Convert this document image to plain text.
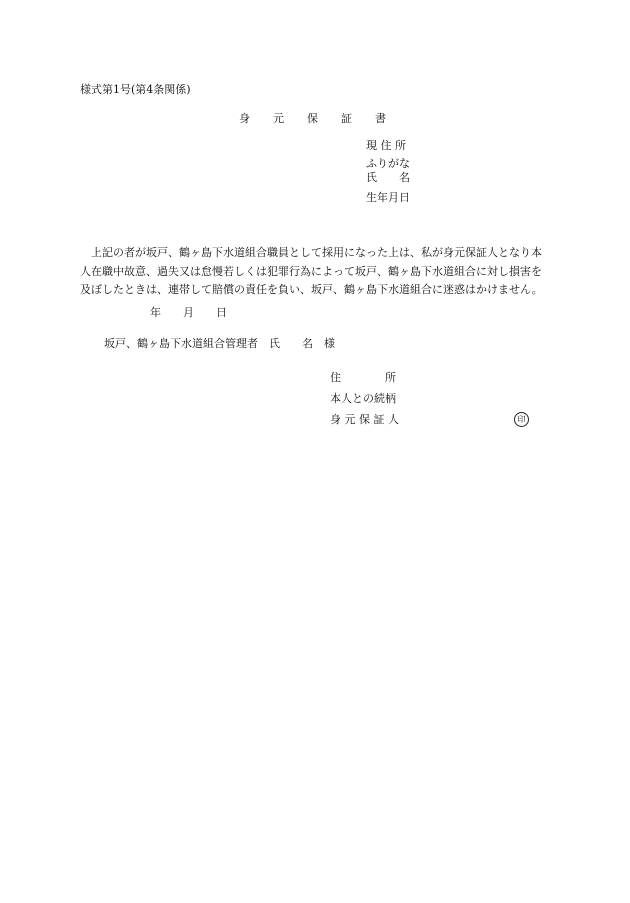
様式第1号(第4条関係)
身 元 保 証 書
現 住 所
ふりがな
氏　　名
生年月日
上記の者が坂戸、鶴ヶ島下水道組合職員として採用になった上は、私が身元保証人となり本人在職中故意、過失又は怠慢若しくは犯罪行為によって坂戸、鶴ヶ島下水道組合に対し損害を及ぼしたときは、連帯して賠償の責任を負い、坂戸、鶴ヶ島下水道組合に迷惑はかけません。
年　　月　　日
坂戸、鶴ヶ島下水道組合管理者　氏　　名　様
住　　　　所
本人との続柄
身 元 保 証 人	印
